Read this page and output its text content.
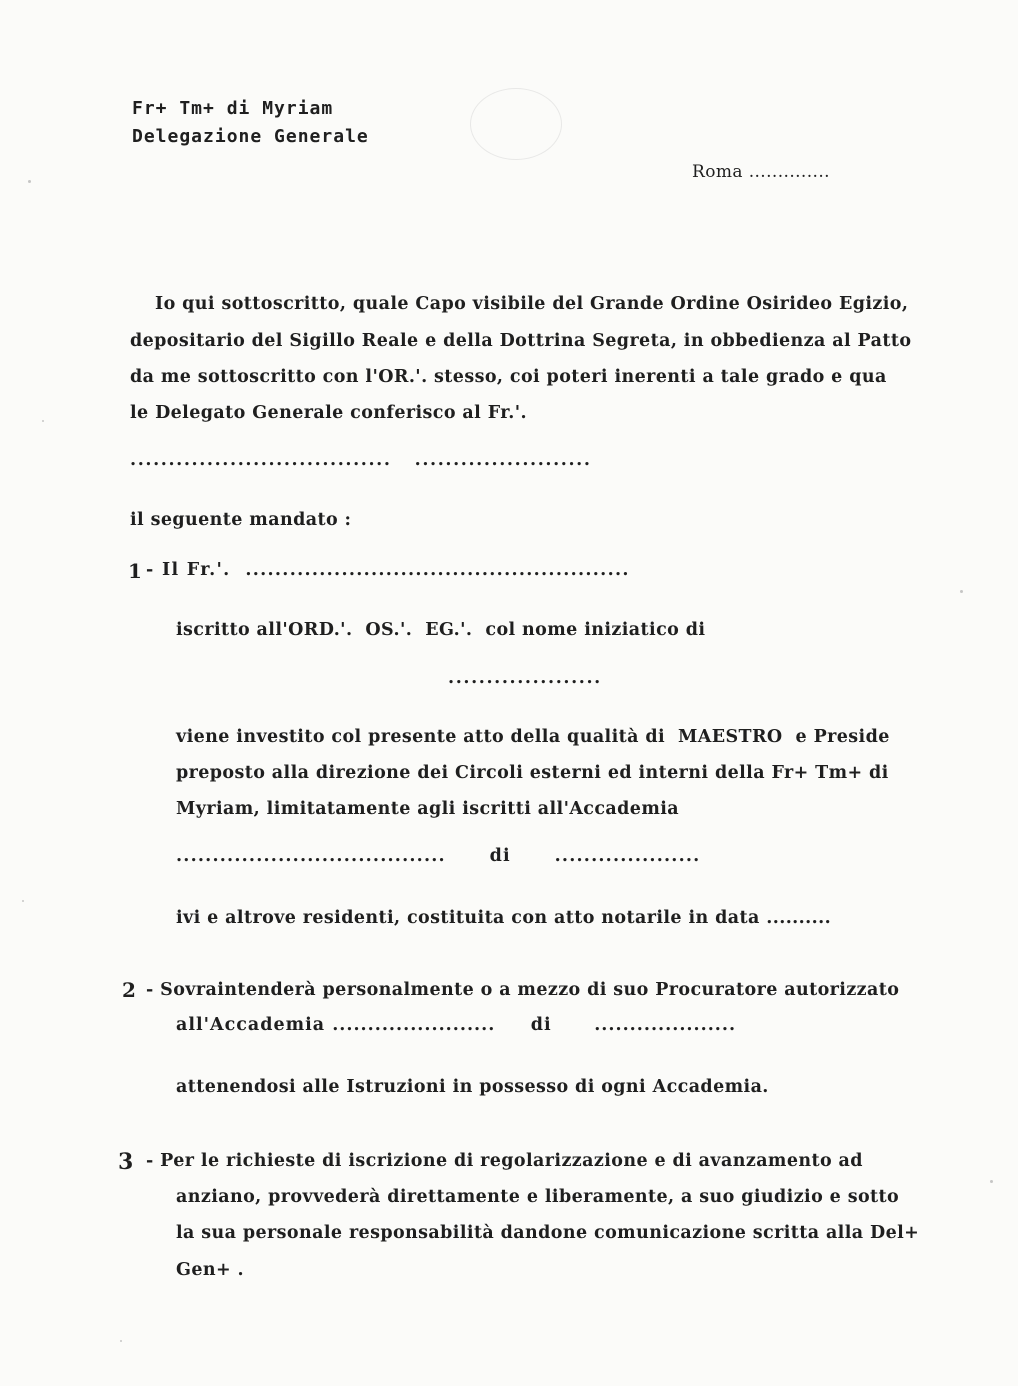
Fr+ Tm+ di Myriam
Delegazione Generale
Roma ..............
Io qui sottoscritto, quale Capo visibile del Grande Ordine Osirideo Egizio,
depositario del Sigillo Reale e della Dottrina Segreta, in obbedienza al Patto
da me sottoscritto con l'OR.'. stesso, coi poteri inerenti a tale grado e qua
le Delegato Generale conferisco al Fr.'.
..................................   .......................
il seguente mandato :
1 - Il Fr.'.  ....................................................
iscritto all'ORD.'.  OS.'.  EG.'.  col nome iniziatico di
....................
viene investito col presente atto della qualità di  MAESTRO  e Preside
preposto alla direzione dei Circoli esterni ed interni della Fr+ Tm+ di
Myriam, limitatamente agli iscritti all'Accademia
.....................................      di      ....................
ivi e altrove residenti, costituita con atto notarile in data ..........
2 - Sovraintenderà personalmente o a mezzo di suo Procuratore autorizzato
all'Accademia .......................     di      ....................
attenendosi alle Istruzioni in possesso di ogni Accademia.
3 - Per le richieste di iscrizione di regolarizzazione e di avanzamento ad
anziano, provvederà direttamente e liberamente, a suo giudizio e sotto
la sua personale responsabilità dandone comunicazione scritta alla Del+
Gen+ .
